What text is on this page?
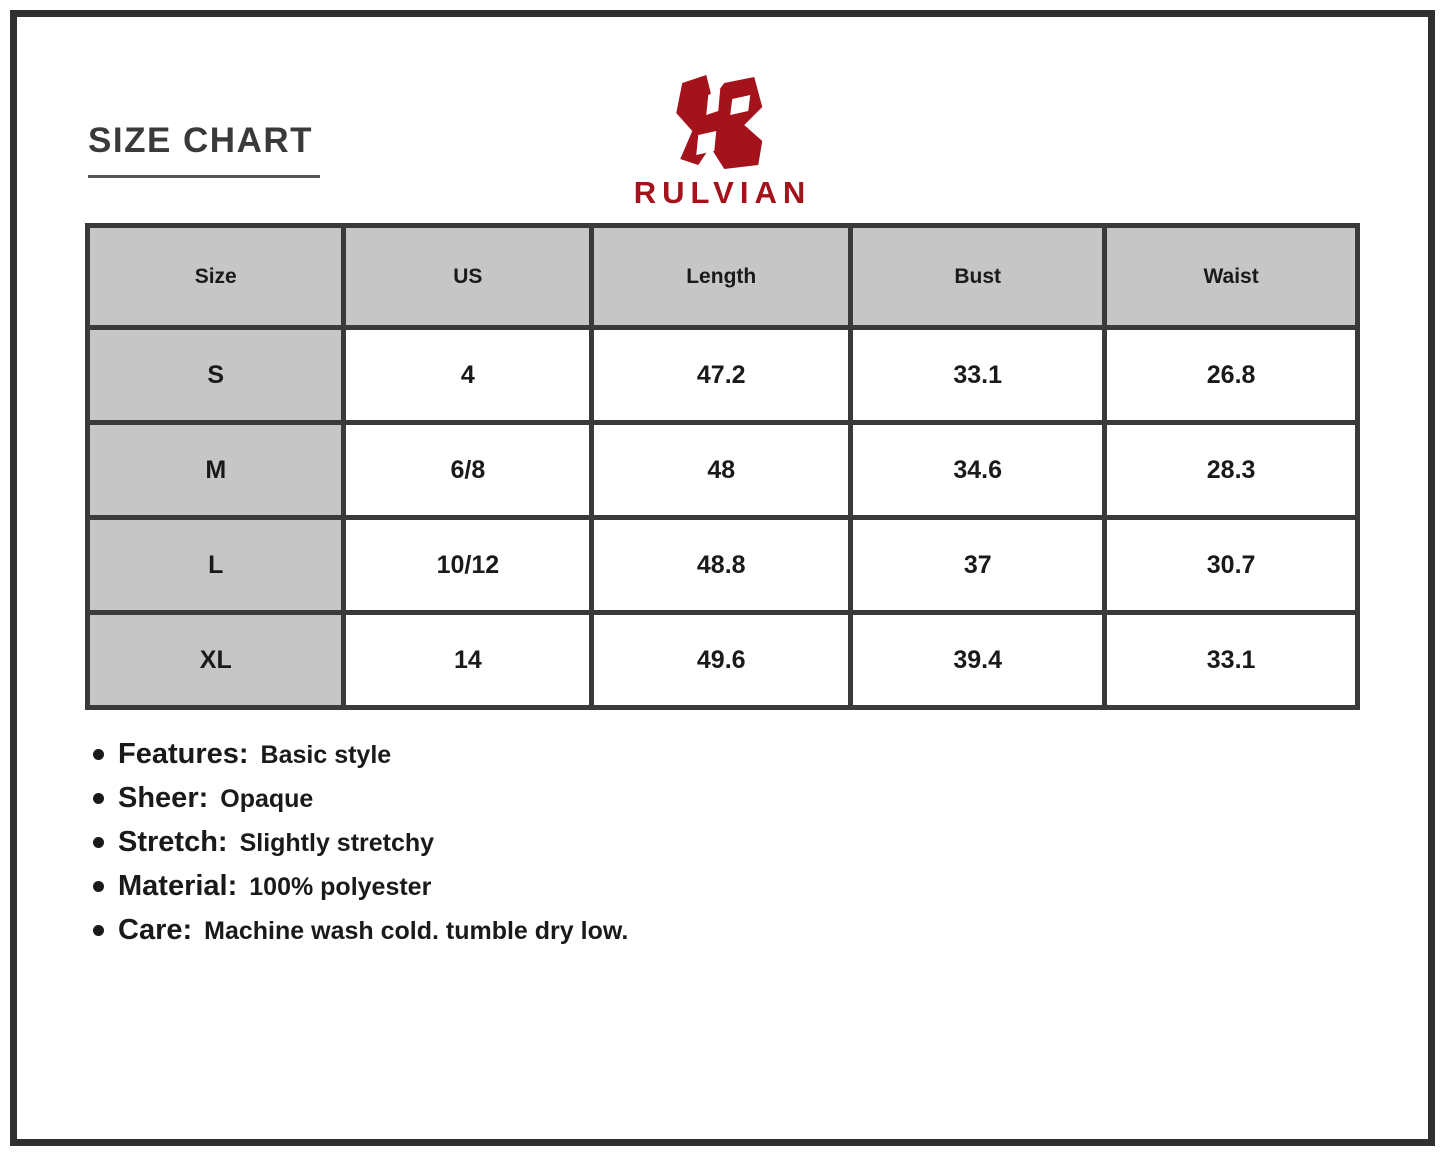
SIZE CHART
RULVIAN
Size	US	Length	Bust	Waist
S	4	47.2	33.1	26.8
M	6/8	48	34.6	28.3
L	10/12	48.8	37	30.7
XL	14	49.6	39.4	33.1
Features: Basic style
Sheer: Opaque
Stretch: Slightly stretchy
Material: 100% polyester
Care: Machine wash cold. tumble dry low.
